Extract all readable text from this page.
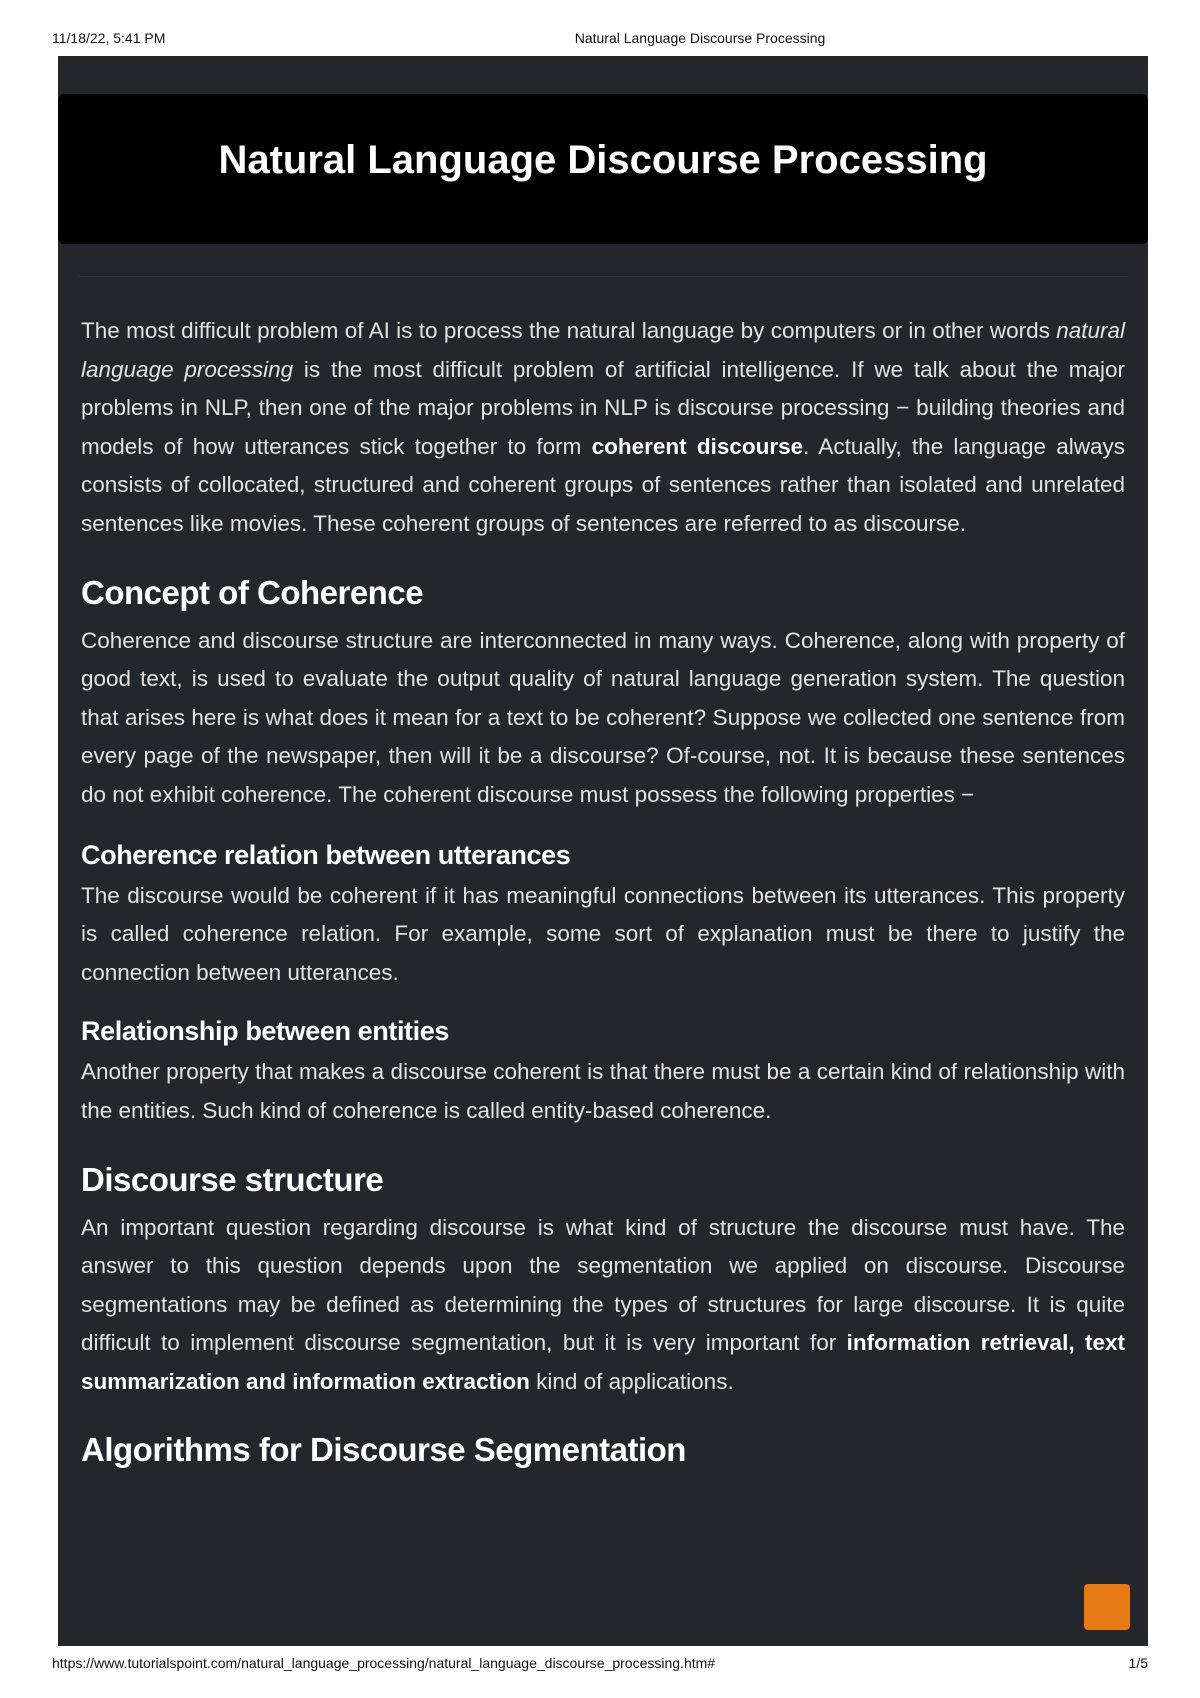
11/18/22, 5:41 PM	Natural Language Discourse Processing
Natural Language Discourse Processing

The most difficult problem of AI is to process the natural language by computers or in other words natural language processing is the most difficult problem of artificial intelligence. If we talk about the major problems in NLP, then one of the major problems in NLP is discourse processing − building theories and models of how utterances stick together to form coherent discourse. Actually, the language always consists of collocated, structured and coherent groups of sentences rather than isolated and unrelated sentences like movies. These coherent groups of sentences are referred to as discourse.

Concept of Coherence

Coherence and discourse structure are interconnected in many ways. Coherence, along with property of good text, is used to evaluate the output quality of natural language generation system. The question that arises here is what does it mean for a text to be coherent? Suppose we collected one sentence from every page of the newspaper, then will it be a discourse? Of-course, not. It is because these sentences do not exhibit coherence. The coherent discourse must possess the following properties −

Coherence relation between utterances

The discourse would be coherent if it has meaningful connections between its utterances. This property is called coherence relation. For example, some sort of explanation must be there to justify the connection between utterances.

Relationship between entities

Another property that makes a discourse coherent is that there must be a certain kind of relationship with the entities. Such kind of coherence is called entity-based coherence.

Discourse structure

An important question regarding discourse is what kind of structure the discourse must have. The answer to this question depends upon the segmentation we applied on discourse. Discourse segmentations may be defined as determining the types of structures for large discourse. It is quite difficult to implement discourse segmentation, but it is very important for information retrieval, text summarization and information extraction kind of applications.

Algorithms for Discourse Segmentation
https://www.tutorialspoint.com/natural_language_processing/natural_language_discourse_processing.htm#	1/5
